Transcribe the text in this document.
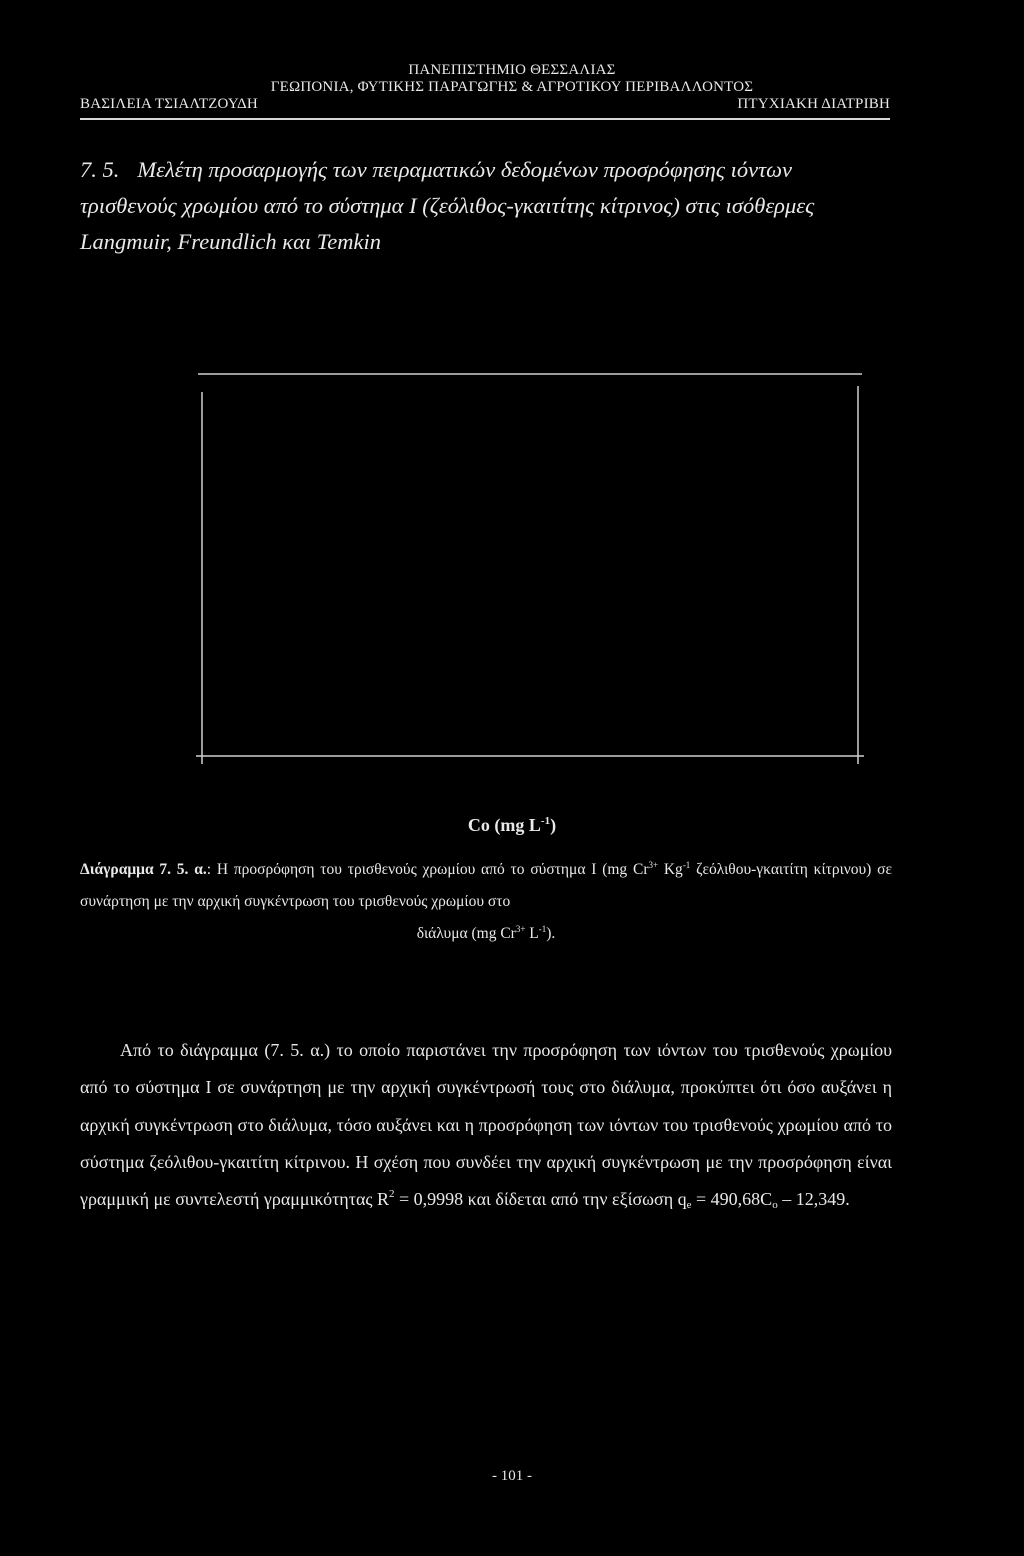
ΠΑΝΕΠΙΣΤΗΜΙΟ ΘΕΣΣΑΛΙΑΣ
ΓΕΩΠΟΝΙΑ, ΦΥΤΙΚΗΣ ΠΑΡΑΓΩΓΗΣ & ΑΓΡΟΤΙΚΟΥ ΠΕΡΙΒΑΛΛΟΝΤΟΣ
ΒΑΣΙΛΕΙΑ ΤΣΙΑΛΤΖΟΥΔΗ	ΠΤΥΧΙΑΚΗ ΔΙΑΤΡΙΒΗ
7. 5. Μελέτη προσαρμογής των πειραματικών δεδομένων προσρόφησης ιόντων τρισθενούς χρωμίου από το σύστημα Ι (ζεόλιθος-γκαιτίτης κίτρινος) στις ισόθερμες Langmuir, Freundlich και Temkin
Co (mg $L^{-1}$)
Διάγραμμα 7. 5. α.: Η προσρόφηση του τρισθενούς χρωμίου από το σύστημα Ι (mg $Cr^{3+}$ $Kg^{-1}$ ζεόλιθου-γκαιτίτη κίτρινου) σε συνάρτηση με την αρχική συγκέντρωση του τρισθενούς χρωμίου στο
διάλυμα (mg $Cr^{3+}$ $L^{-1}$).

Από το διάγραμμα (7. 5. α.) το οποίο παριστάνει την προσρόφηση των ιόντων του τρισθενούς χρωμίου από το σύστημα Ι σε συνάρτηση με την αρχική συγκέντρωσή τους στο διάλυμα, προκύπτει ότι όσο αυξάνει η αρχική συγκέντρωση στο διάλυμα, τόσο αυξάνει και η προσρόφηση των ιόντων του τρισθενούς χρωμίου από το σύστημα ζεόλιθου-γκαιτίτη κίτρινου. Η σχέση που συνδέει την αρχική συγκέντρωση με την προσρόφηση είναι γραμμική με συντελεστή γραμμικότητας $R^2 = 0,9998$ και δίδεται από την εξίσωση $q_e = 490,68C_o - 12,349$.

- 101 -
